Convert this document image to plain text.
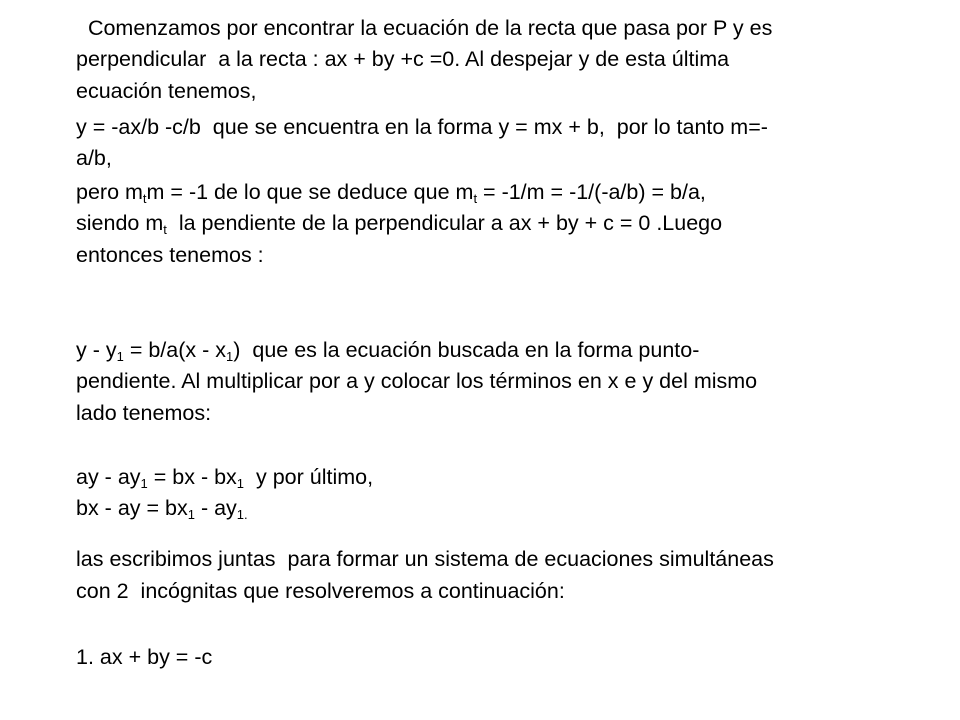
Comenzamos por encontrar la ecuación de la recta que pasa por P y es
perpendicular  a la recta : ax + by +c =0. Al despejar y de esta última
ecuación tenemos,
y = -ax/b -c/b  que se encuentra en la forma y = mx + b,  por lo tanto m=-
a/b,
pero $m_tm = -1$ de lo que se deduce que $m_t = -1/m = -1/(-a/b) = b/a$,
siendo $m_t$  la pendiente de la perpendicular a ax + by + c = 0 .Luego
entonces tenemos :
$y - y_1 = b/a(x - x_1)$  que es la ecuación buscada en la forma punto-
pendiente. Al multiplicar por a y colocar los términos en x e y del mismo
lado tenemos:
ay - $ay_1$ = bx - $bx_1$  y por último,
bx - ay = $bx_1 - ay_{1.}$
las escribimos juntas  para formar un sistema de ecuaciones simultáneas
con 2  incógnitas que resolveremos a continuación:
1. ax + by = -c
